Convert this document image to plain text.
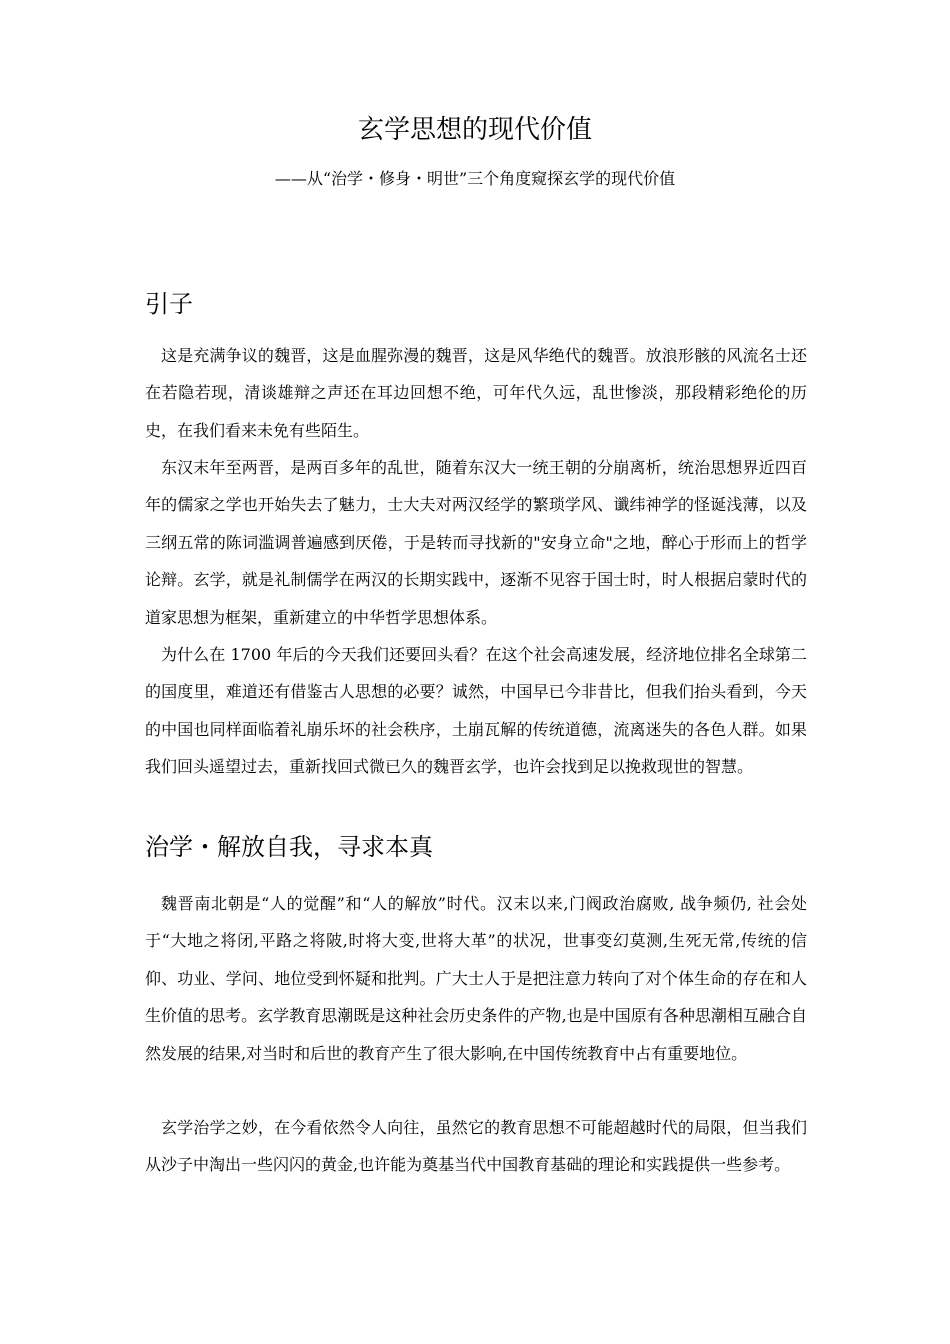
玄学思想的现代价值

——从“治学・修身・明世”三个角度窥探玄学的现代价值

引子

这是充满争议的魏晋，这是血腥弥漫的魏晋，这是风华绝代的魏晋。放浪形骸的风流名士还在若隐若现，清谈雄辩之声还在耳边回想不绝，可年代久远，乱世惨淡，那段精彩绝伦的历史，在我们看来未免有些陌生。

东汉末年至两晋，是两百多年的乱世，随着东汉大一统王朝的分崩离析，统治思想界近四百年的儒家之学也开始失去了魅力，士大夫对两汉经学的繁琐学风、谶纬神学的怪诞浅薄，以及三纲五常的陈词滥调普遍感到厌倦，于是转而寻找新的"安身立命"之地，醉心于形而上的哲学论辩。玄学，就是礼制儒学在两汉的长期实践中，逐渐不见容于国士时，时人根据启蒙时代的道家思想为框架，重新建立的中华哲学思想体系。

为什么在 1700 年后的今天我们还要回头看？在这个社会高速发展，经济地位排名全球第二的国度里，难道还有借鉴古人思想的必要？诚然，中国早已今非昔比，但我们抬头看到，今天的中国也同样面临着礼崩乐坏的社会秩序，土崩瓦解的传统道德，流离迷失的各色人群。如果我们回头遥望过去，重新找回式微已久的魏晋玄学，也许会找到足以挽救现世的智慧。

治学・解放自我，寻求本真

魏晋南北朝是“人的觉醒”和“人的解放”时代。汉末以来,门阀政治腐败, 战争频仍, 社会处于“大地之将闭,平路之将陂,时将大变,世将大革”的状况，世事变幻莫测,生死无常,传统的信仰、功业、学问、地位受到怀疑和批判。广大士人于是把注意力转向了对个体生命的存在和人生价值的思考。玄学教育思潮既是这种社会历史条件的产物,也是中国原有各种思潮相互融合自然发展的结果,对当时和后世的教育产生了很大影响,在中国传统教育中占有重要地位。

玄学治学之妙，在今看依然令人向往，虽然它的教育思想不可能超越时代的局限，但当我们从沙子中淘出一些闪闪的黄金,也许能为奠基当代中国教育基础的理论和实践提供一些参考。
